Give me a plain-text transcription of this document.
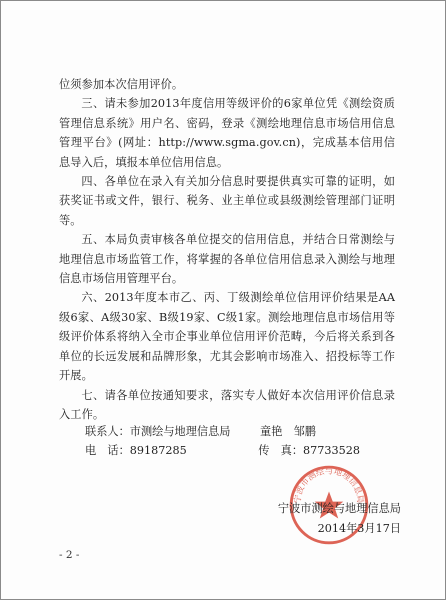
位须参加本次信用评价。

三、请未参加2013年度信用等级评价的6家单位凭《测绘资质管理信息系统》用户名、密码，登录《测绘地理信息市场信用信息管理平台》(网址：http://www.sgma.gov.cn)，完成基本信用信息导入后，填报本单位信用信息。

四、各单位在录入有关加分信息时要提供真实可靠的证明，如获奖证书或文件，银行、税务、业主单位或县级测绘管理部门证明等。

五、本局负责审核各单位提交的信用信息，并结合日常测绘与地理信息市场监管工作，将掌握的各单位信用信息录入测绘与地理信息市场信用管理平台。

六、2013年度本市乙、丙、丁级测绘单位信用评价结果是AA级6家、A级30家、B级19家、C级1家。测绘地理信息市场信用等级评价体系将纳入全市企事业单位信用评价范畴，今后将关系到各单位的长远发展和品牌形象，尤其会影响市场准入、招投标等工作开展。

七、请各单位按通知要求，落实专人做好本次信用评价信息录入工作。

联系人：市测绘与地理信息局	童艳　邹鹏
电　话：89187285	传　真：87733528
宁波市测绘与地理信息局
宁波市测绘与地理信息局
2014年3月17日
- 2 -
